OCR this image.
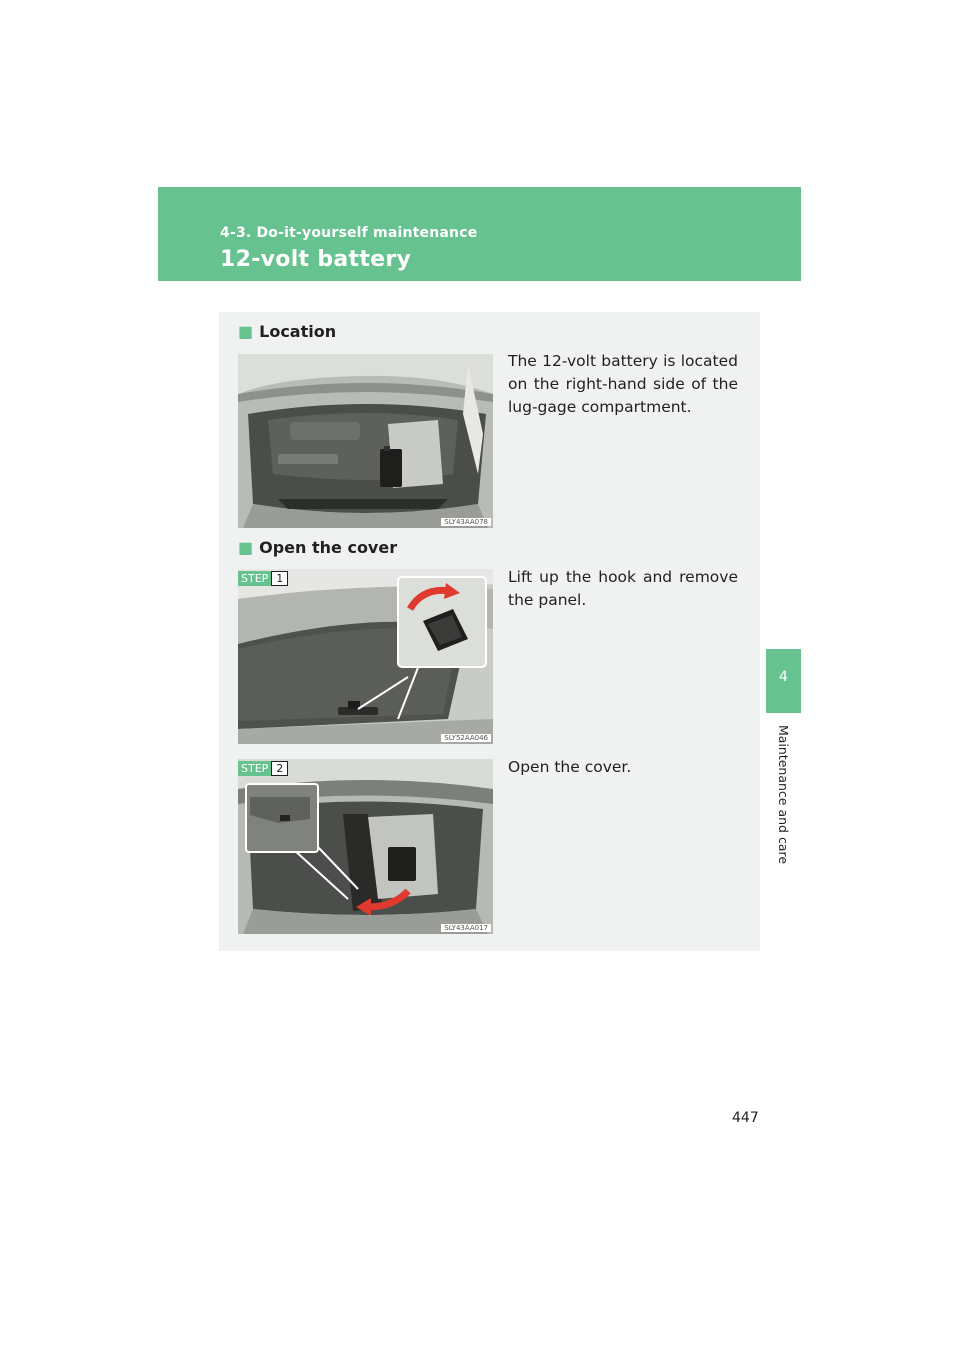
4-3. Do-it-yourself maintenance
12-volt battery
4
Maintenance and care
■ Location
SLY43AA078
The 12-volt battery is located on the right-hand side of the lug-gage compartment.
■ Open the cover
STEP 1
SLY52AA046
Lift up the hook and remove the panel.
STEP 2
SLY43AA017
Open the cover.
447
